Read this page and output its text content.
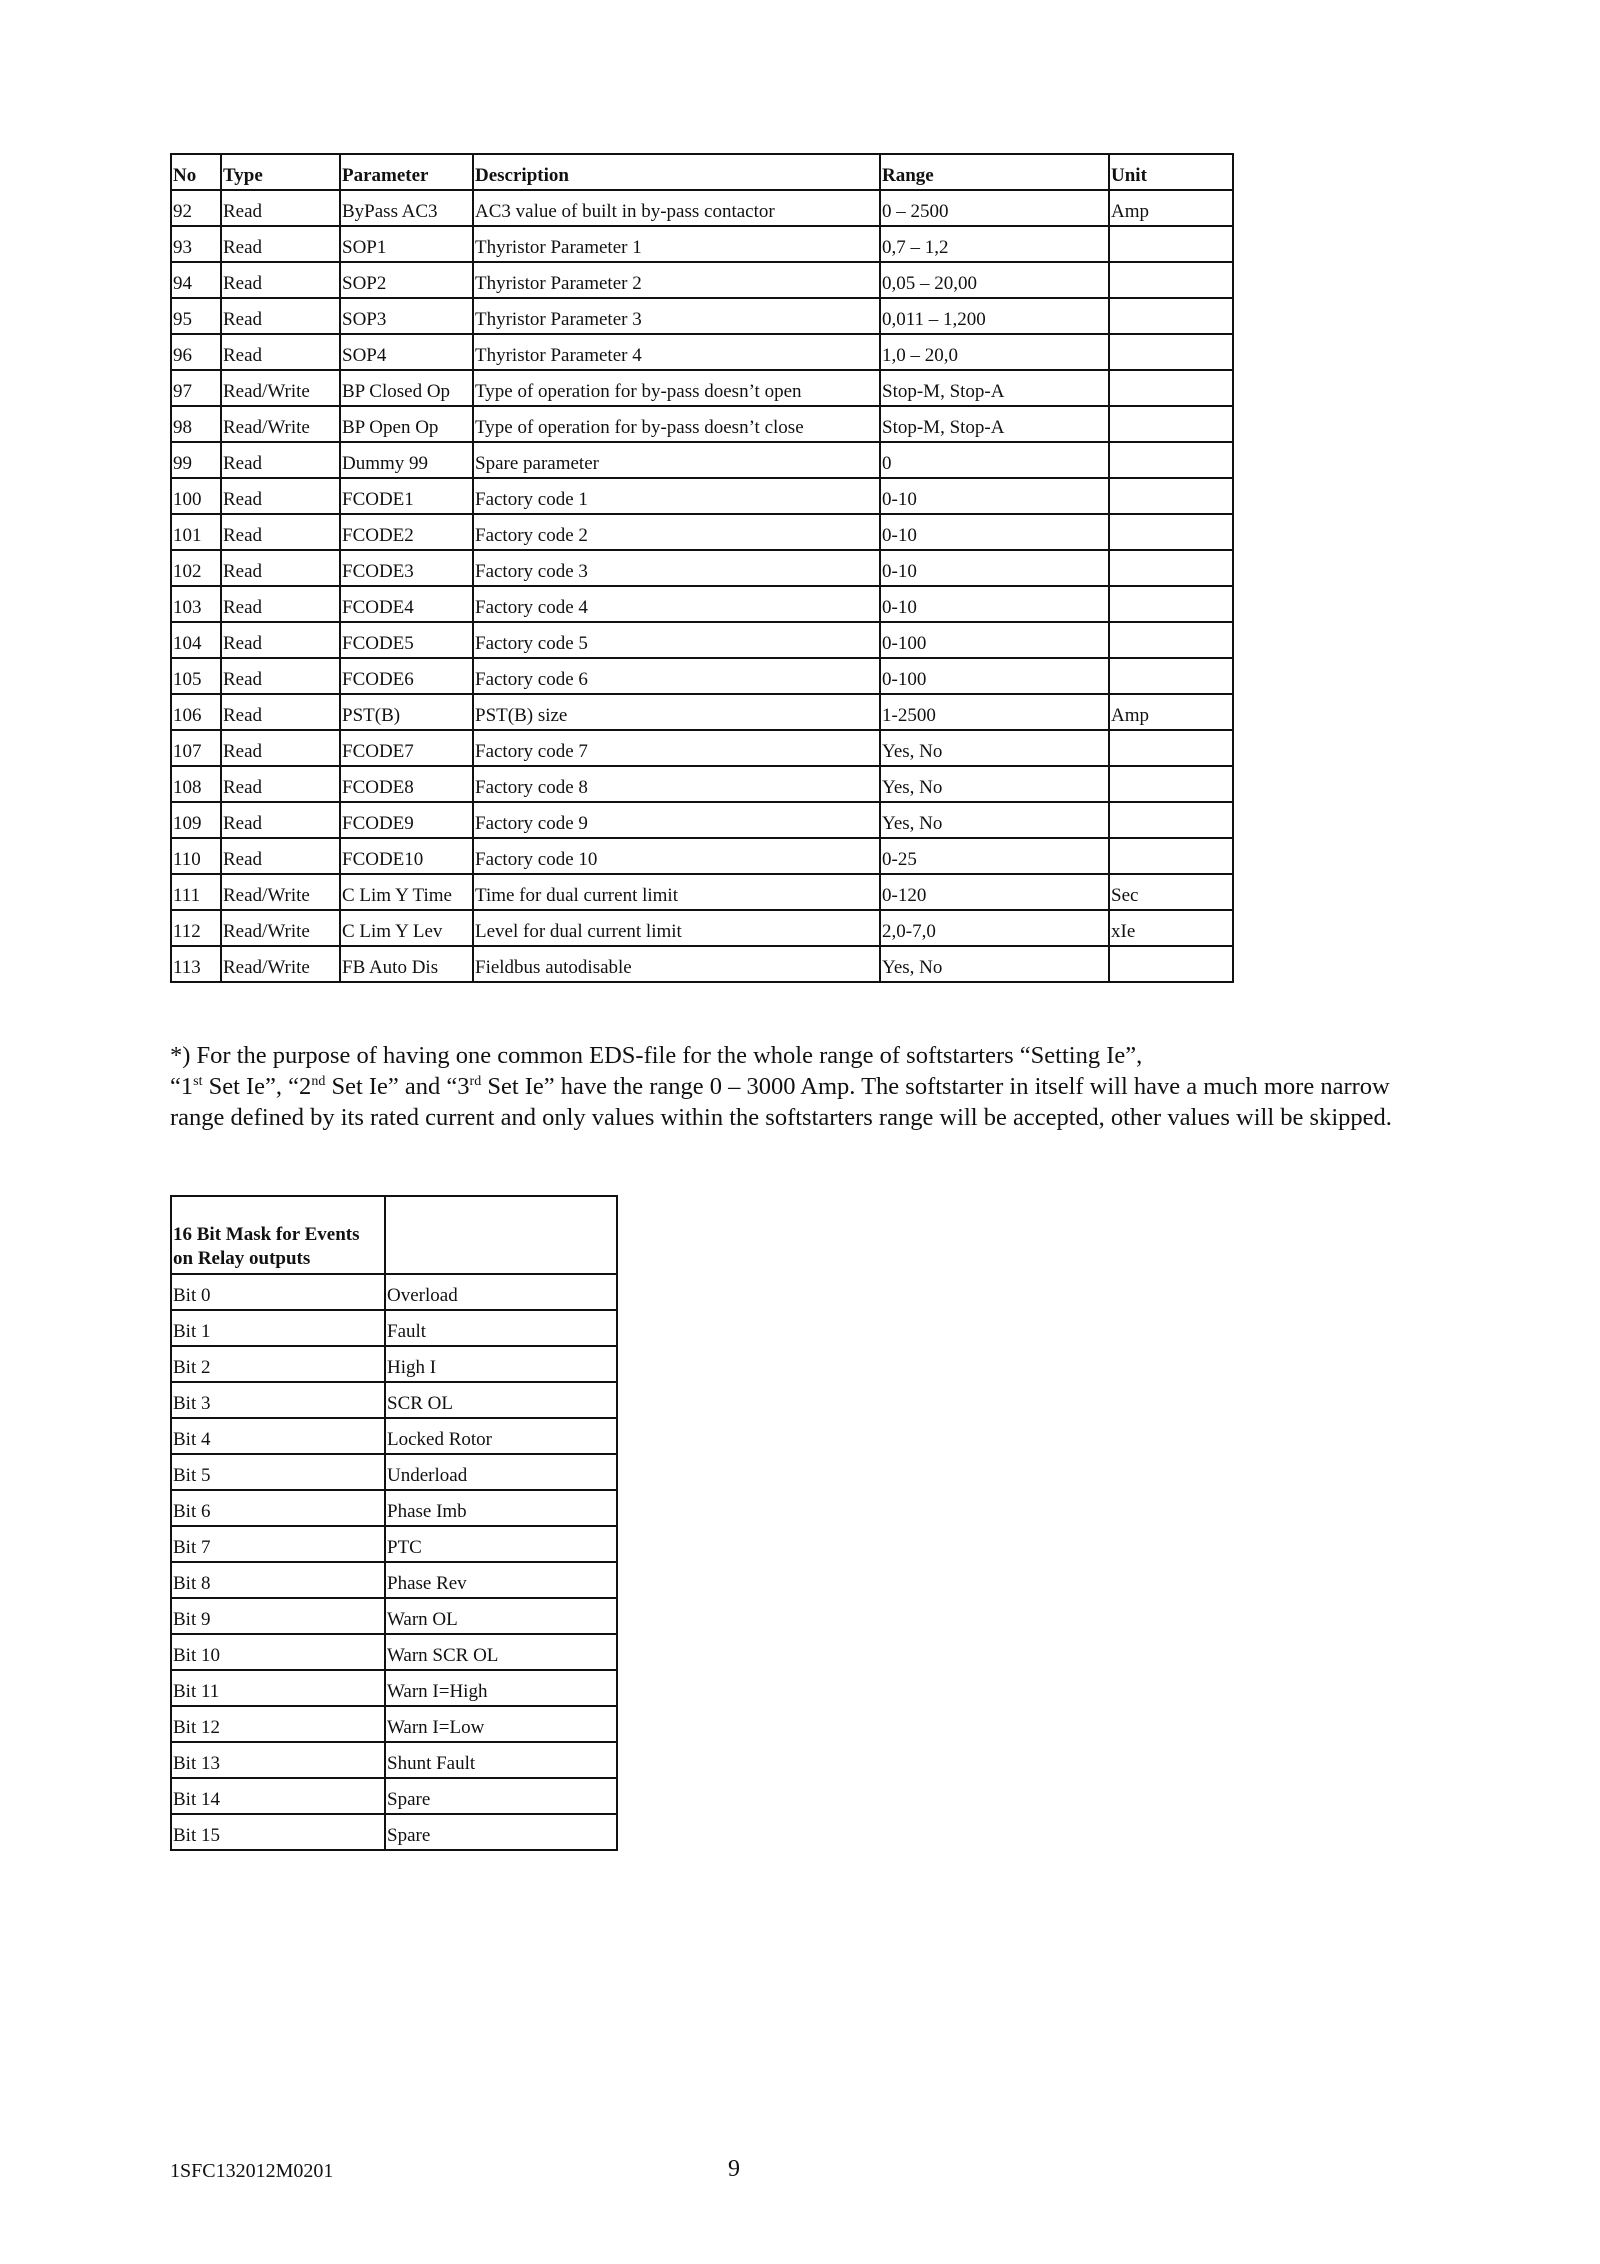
No	Type	Parameter	Description	Range	Unit
92	Read	ByPass AC3	AC3 value of built in by-pass contactor	0 – 2500	Amp
93	Read	SOP1	Thyristor Parameter 1	0,7 – 1,2	
94	Read	SOP2	Thyristor Parameter 2	0,05 – 20,00	
95	Read	SOP3	Thyristor Parameter 3	0,011 – 1,200	
96	Read	SOP4	Thyristor Parameter 4	1,0 – 20,0	
97	Read/Write	BP Closed Op	Type of operation for by-pass doesn’t open	Stop-M, Stop-A	
98	Read/Write	BP Open Op	Type of operation for by-pass doesn’t close	Stop-M, Stop-A	
99	Read	Dummy 99	Spare parameter	0	
100	Read	FCODE1	Factory code 1	0-10	
101	Read	FCODE2	Factory code 2	0-10	
102	Read	FCODE3	Factory code 3	0-10	
103	Read	FCODE4	Factory code 4	0-10	
104	Read	FCODE5	Factory code 5	0-100	
105	Read	FCODE6	Factory code 6	0-100	
106	Read	PST(B)	PST(B) size	1-2500	Amp
107	Read	FCODE7	Factory code 7	Yes, No	
108	Read	FCODE8	Factory code 8	Yes, No	
109	Read	FCODE9	Factory code 9	Yes, No	
110	Read	FCODE10	Factory code 10	0-25	
111	Read/Write	C Lim Y Time	Time for dual current limit	0-120	Sec
112	Read/Write	C Lim Y Lev	Level for dual current limit	2,0-7,0	xIe
113	Read/Write	FB Auto Dis	Fieldbus autodisable	Yes, No	
*) For the purpose of having one common EDS-file for the whole range of softstarters “Setting Ie”,
“1st Set Ie”, “2nd Set Ie” and “3rd Set Ie” have the range 0 – 3000 Amp. The softstarter in itself will have a much more narrow range defined by its rated current and only values within the softstarters range will be accepted, other values will be skipped.
16 Bit Mask for Events on Relay outputs	
Bit 0	Overload
Bit 1	Fault
Bit 2	High I
Bit 3	SCR OL
Bit 4	Locked Rotor
Bit 5	Underload
Bit 6	Phase Imb
Bit 7	PTC
Bit 8	Phase Rev
Bit 9	Warn OL
Bit 10	Warn SCR OL
Bit 11	Warn I=High
Bit 12	Warn I=Low
Bit 13	Shunt Fault
Bit 14	Spare
Bit 15	Spare
1SFC132012M0201	9
